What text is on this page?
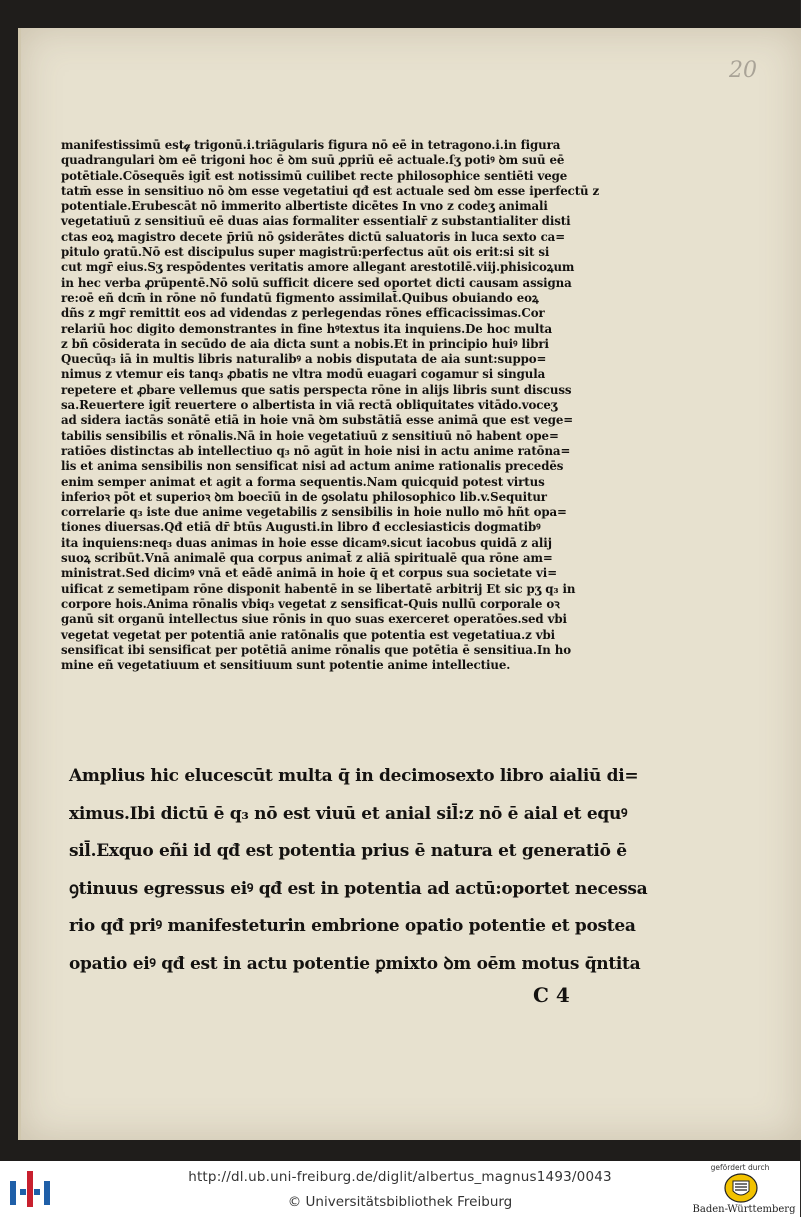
20
manifestissimū est𝓆 trigonū.i.triāgularis figura nō eē in tetragono.i.in figura
quadrangulari ꝺm eē trigoni hoc ē ꝺm suū ꝓpriū eē actuale.ſʒ potiꝰ ꝺm suū eē
potētiale.Cōsequēs igit̄ est notissimū cuilibet recte philosophice sentiēti vege
tatm̄ esse in sensitiuo nō ꝺm esse vegetatiui qđ est actuale sed ꝺm esse iperfectū z
potentiale.Erubescāt nō immerito albertiste dicētes In vno z codeʒ animali
vegetatiuū z sensitiuū eē duas aias formaliter essentialr̄ z substantialiter disti
ctas eoꝝ magistro decete p̄riū nō ꝯsiderātes dictū saluatoris in luca sexto ca=
pitulo ꝯratū.Nō est discipulus super magistrū:perfectus aūt ois erit:si sit si
cut mgr̄ eius.Sʒ respōdentes veritatis amore allegant arestotilē.viij.phisicoꝝum
in hec verba ꝓrūpentē.Nō solū sufficit dicere sed oportet dicti causam assigna
re:oē eñ dcm̄ in rōne nō fundatū figmento assimilat̄.Quibus obuiando eoꝝ
dñs z mgr̄ remittit eos ad videndas z perlegendas rōnes efficacissimas.Cor
relariū hoc digito demonstrantes in fine hꝰtextus ita inquiens.De hoc multa
z bñ cōsiderata in secūdo de aia dicta sunt a nobis.Et in principio huiꝰ libri
Quecūq₃ iā in multis libris naturalibꝰ a nobis disputata de aia sunt:suppo=
nimus z vtemur eis tanq₃ ꝓbatis ne vltra modū euagari cogamur si singula
repetere et ꝓbare vellemus que satis perspecta rōne in alijs libris sunt discuss
sa.Reuertere igit̄ reuertere o albertista in viā rectā obliquitates vitādo.voceʒ
ad sidera iactās sonātē etiā in hoie vnā ꝺm substātiā esse animā que est vege=
tabilis sensibilis et rōnalis.Nā in hoie vegetatiuū z sensitiuū nō habent ope=
ratiōes distinctas ab intellectiuo q₃ nō agūt in hoie nisi in actu anime ratōna=
lis et anima sensibilis non sensificat nisi ad actum anime rationalis precedēs
enim semper animat et agit a forma sequentis.Nam quicquid potest virtus
inferioꝛ pōt et superioꝛ ꝺm boecīū in de ꝯsolatu philosophico lib.v.Sequitur
correlarie q₃ iste due anime vegetabilis z sensibilis in hoie nullo mō hñt opa=
tiones diuersas.Qđ etiā dr̄ btūs Augusti.in libro đ ecclesiasticis dogmatibꝰ
ita inquiens:neq₃ duas animas in hoie esse dicamꝰ.sicut iacobus quidā z alij
suoꝝ scribūt.Vnā animalē qua corpus animat̄ z aliā spiritualē qua rōne am=
ministrat.Sed dicimꝰ vnā et eādē animā in hoie q̄ et corpus sua societate vi=
uificat z semetipam rōne disponit habentē in se libertatē arbitrij Et sic pʒ q₃ in
corpore hois.Anima rōnalis vbiq₃ vegetat z sensificat-Quis nullū corporale oꝛ
ganū sit organū intellectus siue rōnis in quo suas exerceret operatōes.sed vbi
vegetat vegetat per potentiā anie ratōnalis que potentia est vegetatiua.z vbi
sensificat ibi sensificat per potētiā anime rōnalis que potētia ē sensitiua.In ho
mine eñ vegetatiuum et sensitiuum sunt potentie anime intellectiue.
Amplius hic elucescūt multa q̄ in decimosexto libro aialiū di=
ximus.Ibi dictū ē q₃ nō est viuū et anial sil̄:z nō ē aial et equꝰ
sil̄.Exquo eñi id qđ est potentia prius ē natura et generatiō ē
ꝯtinuus egressus eiꝰ qđ est in potentia ad actū:oportet necessa
rio qđ priꝰ manifesteturin embrione opatio potentie et postea
opatio eiꝰ qđ est in actu potentie ꝑmixto ꝺm oēm motus q̄ntita
C 4
http://dl.ub.uni-freiburg.de/diglit/albertus_magnus1493/0043
© Universitätsbibliothek Freiburg
gefördert durch
Baden-Württemberg
